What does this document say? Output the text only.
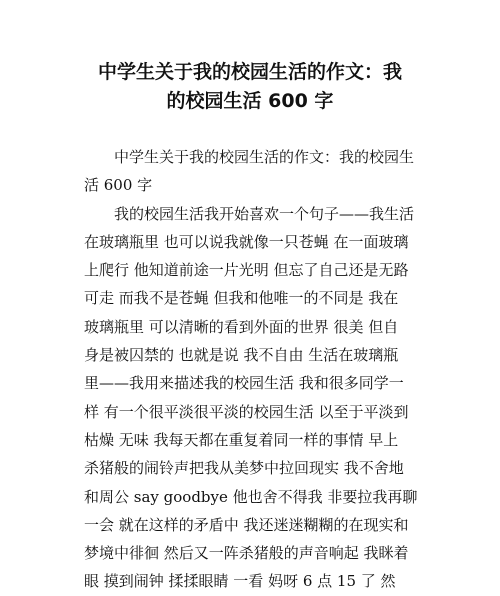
中学生关于我的校园生活的作文：我
的校园生活 600 字
中学生关于我的校园生活的作文：我的校园生
活 600 字
我的校园生活我开始喜欢一个句子——我生活
在玻璃瓶里 也可以说我就像一只苍蝇 在一面玻璃
上爬行 他知道前途一片光明 但忘了自己还是无路
可走 而我不是苍蝇 但我和他唯一的不同是 我在
玻璃瓶里 可以清晰的看到外面的世界 很美 但自
身是被囚禁的 也就是说 我不自由 生活在玻璃瓶
里——我用来描述我的校园生活 我和很多同学一
样 有一个很平淡很平淡的校园生活 以至于平淡到
枯燥 无味 我每天都在重复着同一样的事情 早上
杀猪般的闹铃声把我从美梦中拉回现实 我不舍地
和周公 say goodbye 他也舍不得我 非要拉我再聊
一会 就在这样的矛盾中 我还迷迷糊糊的在现实和
梦境中徘徊 然后又一阵杀猪般的声音响起 我眯着
眼 摸到闹钟 揉揉眼睛 一看 妈呀 6 点 15 了 然
